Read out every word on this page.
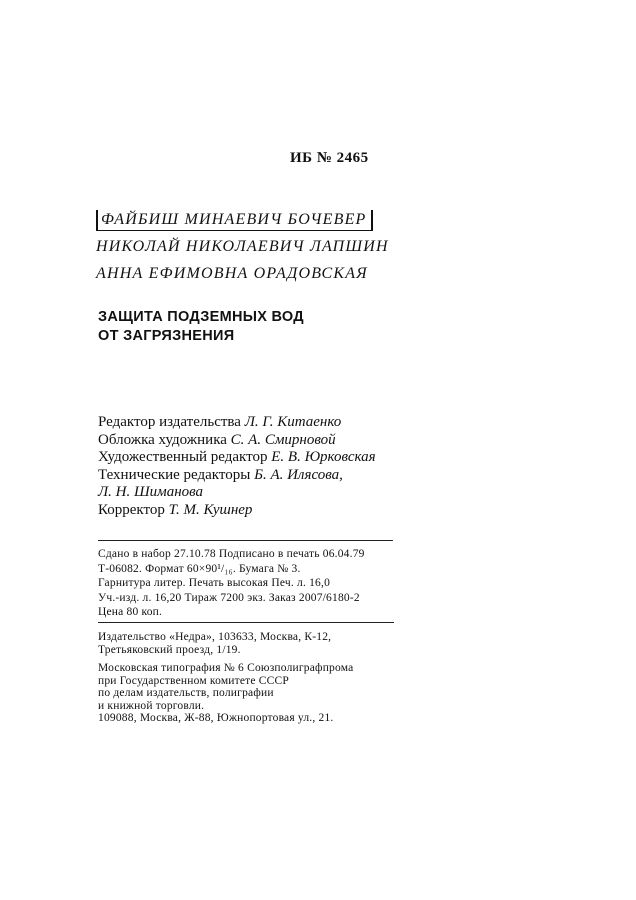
ИБ № 2465
ФАЙБИШ МИНАЕВИЧ БОЧЕВЕР
НИКОЛАЙ НИКОЛАЕВИЧ ЛАПШИН
АННА ЕФИМОВНА ОРАДОВСКАЯ
ЗАЩИТА ПОДЗЕМНЫХ ВОД
ОТ ЗАГРЯЗНЕНИЯ
Редактор издательства Л. Г. Китаенко
Обложка художника С. А. Смирновой
Художественный редактор Е. В. Юрковская
Технические редакторы Б. А. Илясова,
Л. Н. Шиманова
Корректор Т. М. Кушнер
Сдано в набор 27.10.78 Подписано в печать 06.04.79
Т-06082. Формат 60×90¹/₁₆. Бумага № 3.
Гарнитура литер. Печать высокая Печ. л. 16,0
Уч.-изд. л. 16,20 Тираж 7200 экз. Заказ 2007/6180-2
Цена 80 коп.
Издательство «Недра», 103633, Москва, К-12,
Третьяковский проезд, 1/19.
Московская типография № 6 Союзполиграфпрома
при Государственном комитете СССР
по делам издательств, полиграфии
и книжной торговли.
109088, Москва, Ж-88, Южнопортовая ул., 21.
